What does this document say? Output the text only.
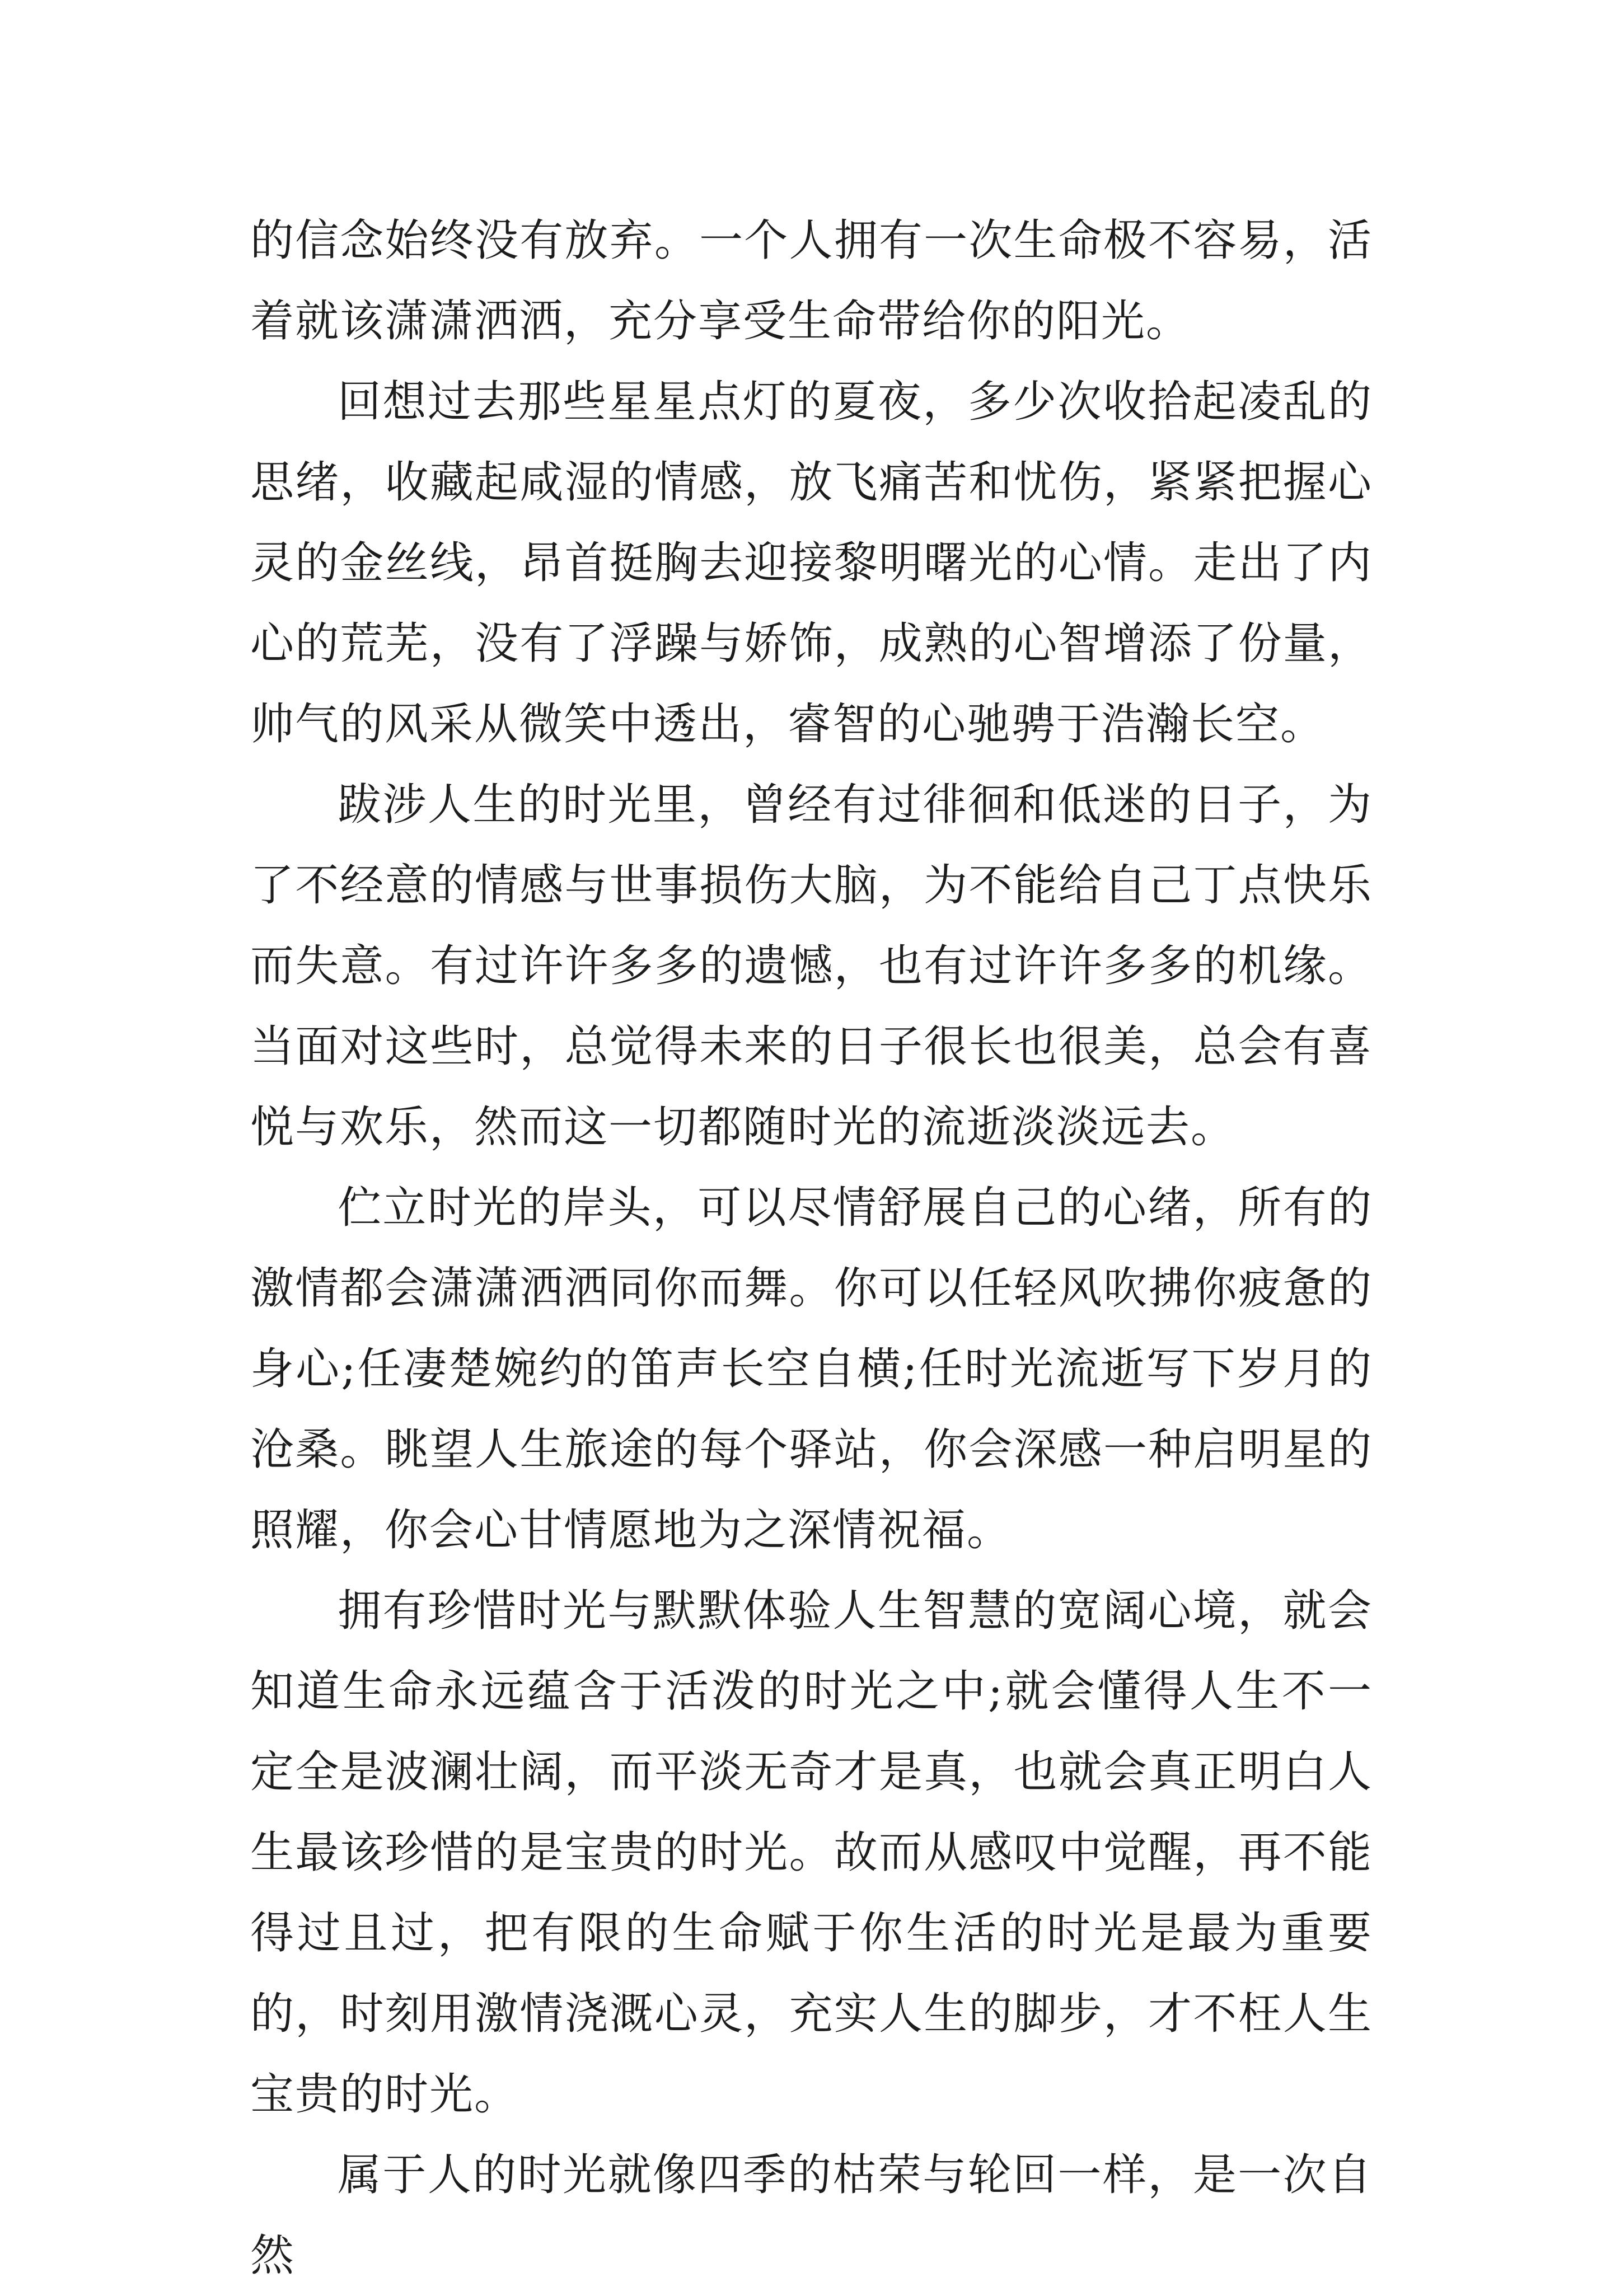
的信念始终没有放弃。一个人拥有一次生命极不容易，活着就该潇潇洒洒，充分享受生命带给你的阳光。

回想过去那些星星点灯的夏夜，多少次收拾起凌乱的思绪，收藏起咸湿的情感，放飞痛苦和忧伤，紧紧把握心灵的金丝线，昂首挺胸去迎接黎明曙光的心情。走出了内心的荒芜，没有了浮躁与娇饰，成熟的心智增添了份量，帅气的风采从微笑中透出，睿智的心驰骋于浩瀚长空。

跋涉人生的时光里，曾经有过徘徊和低迷的日子，为了不经意的情感与世事损伤大脑，为不能给自己丁点快乐而失意。有过许许多多的遗憾，也有过许许多多的机缘。当面对这些时，总觉得未来的日子很长也很美，总会有喜悦与欢乐，然而这一切都随时光的流逝淡淡远去。

伫立时光的岸头，可以尽情舒展自己的心绪，所有的激情都会潇潇洒洒同你而舞。你可以任轻风吹拂你疲惫的身心;任凄楚婉约的笛声长空自横;任时光流逝写下岁月的沧桑。眺望人生旅途的每个驿站，你会深感一种启明星的照耀，你会心甘情愿地为之深情祝福。

拥有珍惜时光与默默体验人生智慧的宽阔心境，就会知道生命永远蕴含于活泼的时光之中;就会懂得人生不一定全是波澜壮阔，而平淡无奇才是真，也就会真正明白人生最该珍惜的是宝贵的时光。故而从感叹中觉醒，再不能得过且过，把有限的生命赋于你生活的时光是最为重要的，时刻用激情浇溉心灵，充实人生的脚步，才不枉人生宝贵的时光。

属于人的时光就像四季的枯荣与轮回一样，是一次自然
